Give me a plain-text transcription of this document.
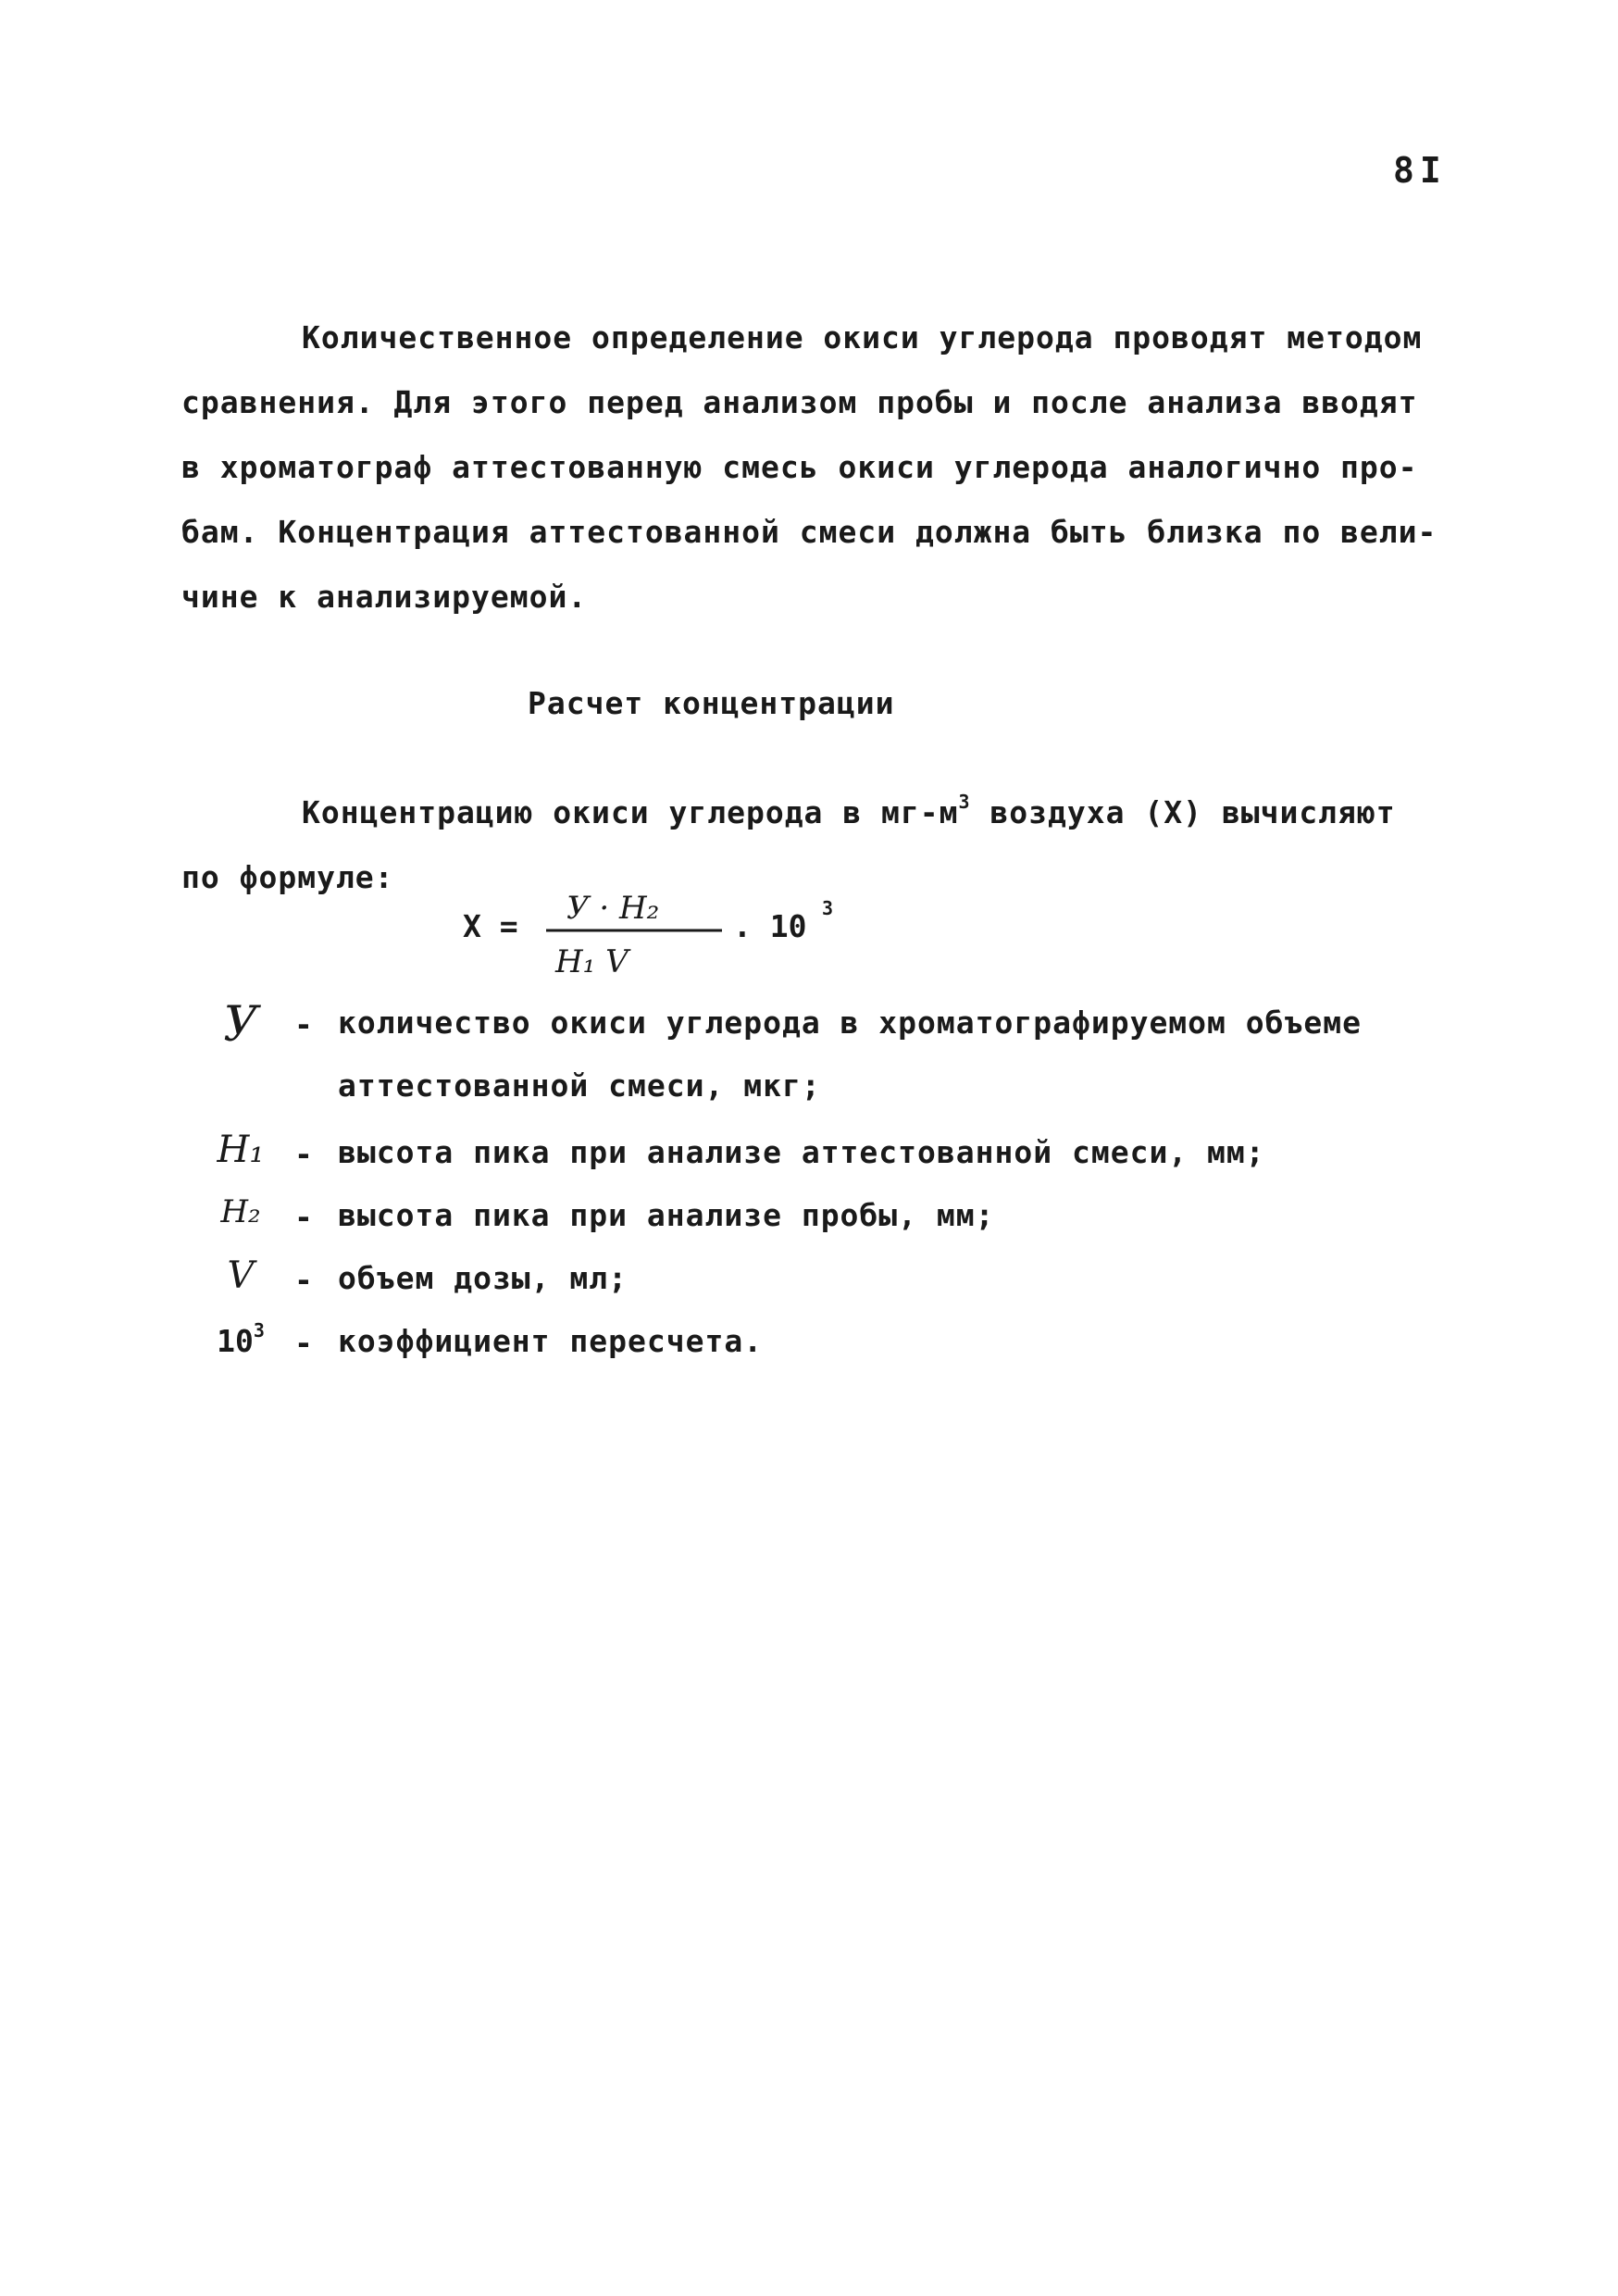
8I
Количественное определение окиси углерода проводят методом
сравнения. Для этого перед анализом пробы и после анализа вводят
в хроматограф аттестованную смесь окиси углерода аналогично про-
бам. Концентрация аттестованной смеси должна быть близка по вели-
чине к анализируемой.
Расчет концентрации
Концентрацию окиси углерода в $мг-м^3$ воздуха (Х) вычисляют
по формуле:
Х = У · H₂
H₁ V
. 10 3
У	- количество окиси углерода в хроматографируемом объеме
аттестованной смеси, мкг;
H₁ - высота пика при анализе аттестованной смеси, мм;
H₂	- высота пика при анализе пробы, мм;
V	- объем дозы, мл;
$10^3$ - коэффициент пересчета.
